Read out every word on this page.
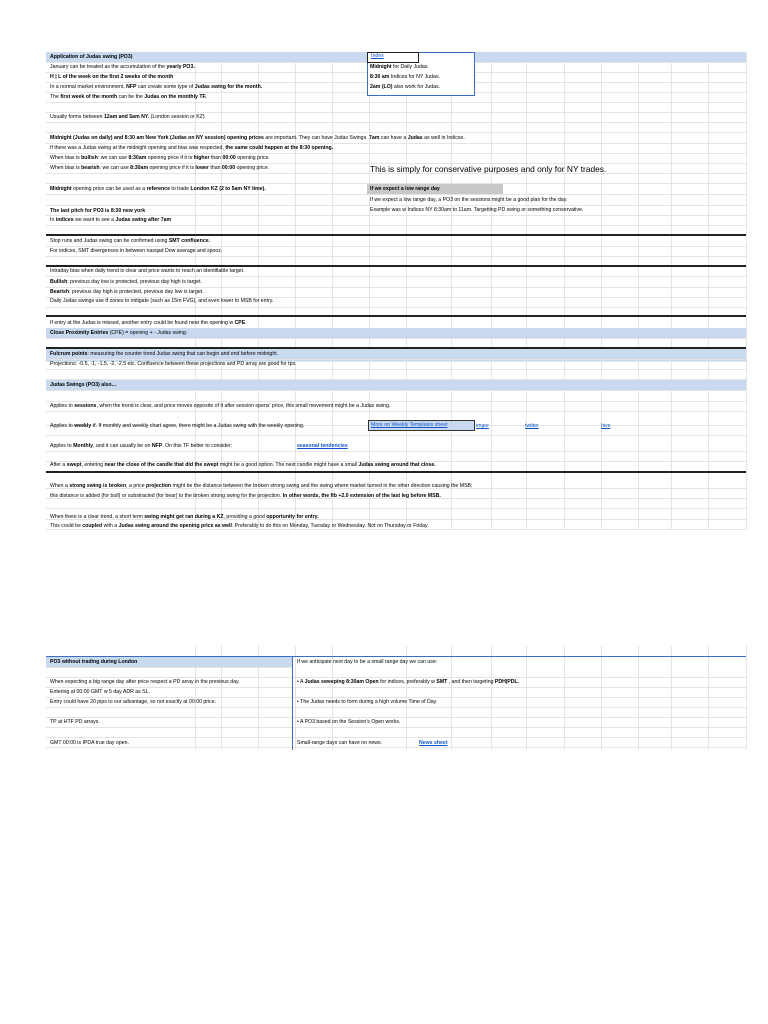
Application of Judas swing (PO3)
January can be treated as the accumulation of the yearly PO3.
H | L of the week on the first 2 weeks of the month
In a normal market environment, NFP can create some type of Judas swing for the month.
The first week of the month can be the Judas on the monthly TF.
Usually forms between 12am and 5am NY. (London session or KZ)
Index
Midnight for Daily Judas.
8:30 am Indices for NY Judas.
2am (LO) also work for Judas.
Midnight (Judas on daily) and 8:30 am New York (Judas on NY session) opening prices are important. They can have Judas Swings. 7am can have a Judas as well in Indices.
If there was a Judas swing at the midnight opening and bias was respected, the same could happen at the 8:30 opening.
When bias is bullish: we can use 8:30am opening price if it is higher than 00:00 opening price.
When bias is bearish: we can use 8:30am opening price if it is lower than 00:00 opening price.	This is simply for conservative purposes and only for NY trades.
Midnight opening price can be used as a reference to trade London KZ (2 to 5am NY time).	If we expect a low range day
If we expect a low range day, a PO3 on the sessions might be a good plan for the day.
Example was w Indices NY 8:30am to 11am. Targetting PD swing or something conservative.
The last pitch for PO3 is 8:30 new york
In indices we want to see a Judas swing after 7am
Stop runs and Judas swing can be confirmed using SMT confluence.
For indices, SMT divergences in between nasqad Dow average and spooz.
Intraday bias when daily trend is clear and price wants to reach an identifiable target.
Bullish: previous day low is protected, previous day high is target.
Bearish: previous day high is protected, previous day low is target.
Daily Judas swings use tf zones to mitigate (such as 15m FVG), and even lower to MSB for entry.
If entry at the Judas is missed, another entry could be found near the opening w CPE.
Close Proximity Entries (CPE) = opening + - Judas swing.
Fulcrum points: measuring the counter trend Judas swing that can begin and end before midnight.
Projections: -0.5, -1, -1.5, -2, -2.5 etc. Confluence between these projections and PD array are good for tps.
Judas Swings (PO3) also...
Applies to sessions, when the trend is clear, and price moves opposite of it after session opens' price, this small movement might be a Judas swing.
Applies to weekly tf. If monthly and weekly chart agree, there might be a Judas swing with the weekly opening.	More on Weekly Templates sheet	imgur	twitter	hive
Apples to Monthly, and it can usually be on NFP. On this TF better to consider:	seasonal tendencies
After a swept, entering near the close of the candle that did the swept might be a good option. The next candle might have a small Judas swing around that close.
When a strong swing is broken, a price projection might be the distance between the broken strong swing and the swing where market turned in the other direction causing the MSB;
this distance is added (for bull) or substracted (for bear) to the broken strong swing for the projection. In other words, the fib +2.0 extension of the last leg before MSB.
When there is a clear trend, a short term swing might get ran during a KZ, providing a good opportunity for entry.
This could be coupled with a Judas swing around the opening price as well. Preferably to do this on Monday, Tuesday or Wednesday. Not on Thursday or Friday.
PO3 without trading during London
When expecting a big range day after price respect a PD array in the previous day.
Entering at 00:00 GMT w 5 day ADR as SL.
Entry could have 20 pips to our advantage, so not exactly at 00:00 price.
TP at HTF PD arrays.
GMT 00:00 is IPDA true day open.
If we anticipate next day to be a small range day we can use:
• A Judas sweeping 8:30am Open for indices, preferably w SMT , and then targeting PDH|PDL.
• The Judas needs to form during a high volume Time of Day.
• A PO3 based on the Session's Open works.
Small-range days can have no news.	News sheet
